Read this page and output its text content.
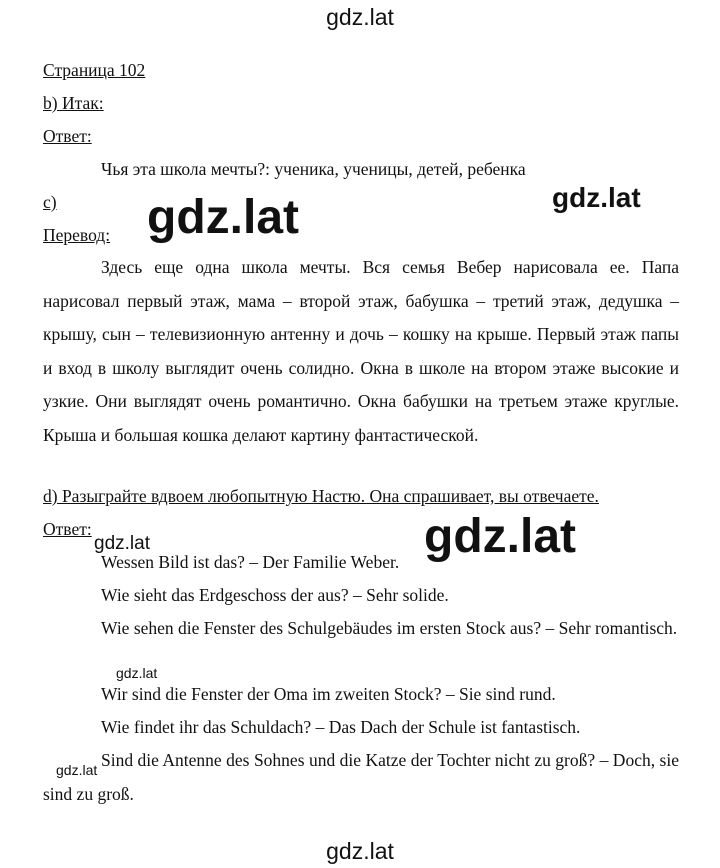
gdz.lat
Страница 102
b) Итак:
Ответ:
Чья эта школа мечты?: ученика, ученицы, детей, ребенка
c)
Перевод:
Здесь еще одна школа мечты. Вся семья Вебер нарисовала ее. Папа нарисовал первый этаж, мама – второй этаж, бабушка – третий этаж, дедушка – крышу, сын – телевизионную антенну и дочь – кошку на крыше. Первый этаж папы и вход в школу выглядит очень солидно. Окна в школе на втором этаже высокие и узкие. Они выглядят очень романтично. Окна бабушки на третьем этаже круглые. Крыша и большая кошка делают картину фантастической.
d) Разыграйте вдвоем любопытную Настю. Она спрашивает, вы отвечаете.
Ответ:
Wessen Bild ist das? – Der Familie Weber.
Wie sieht das Erdgeschoss der aus? – Sehr solide.
Wie sehen die Fenster des Schulgebäudes im ersten Stock aus? – Sehr romantisch.
Wir sind die Fenster der Oma im zweiten Stock? – Sie sind rund.
Wie findet ihr das Schuldach? – Das Dach der Schule ist fantastisch.
Sind die Antenne des Sohnes und die Katze der Tochter nicht zu groß? – Doch, sie sind zu groß.
gdz.lat
gdz.lat
gdz.lat
gdz.lat
gdz.lat
gdz.lat
gdz.lat
